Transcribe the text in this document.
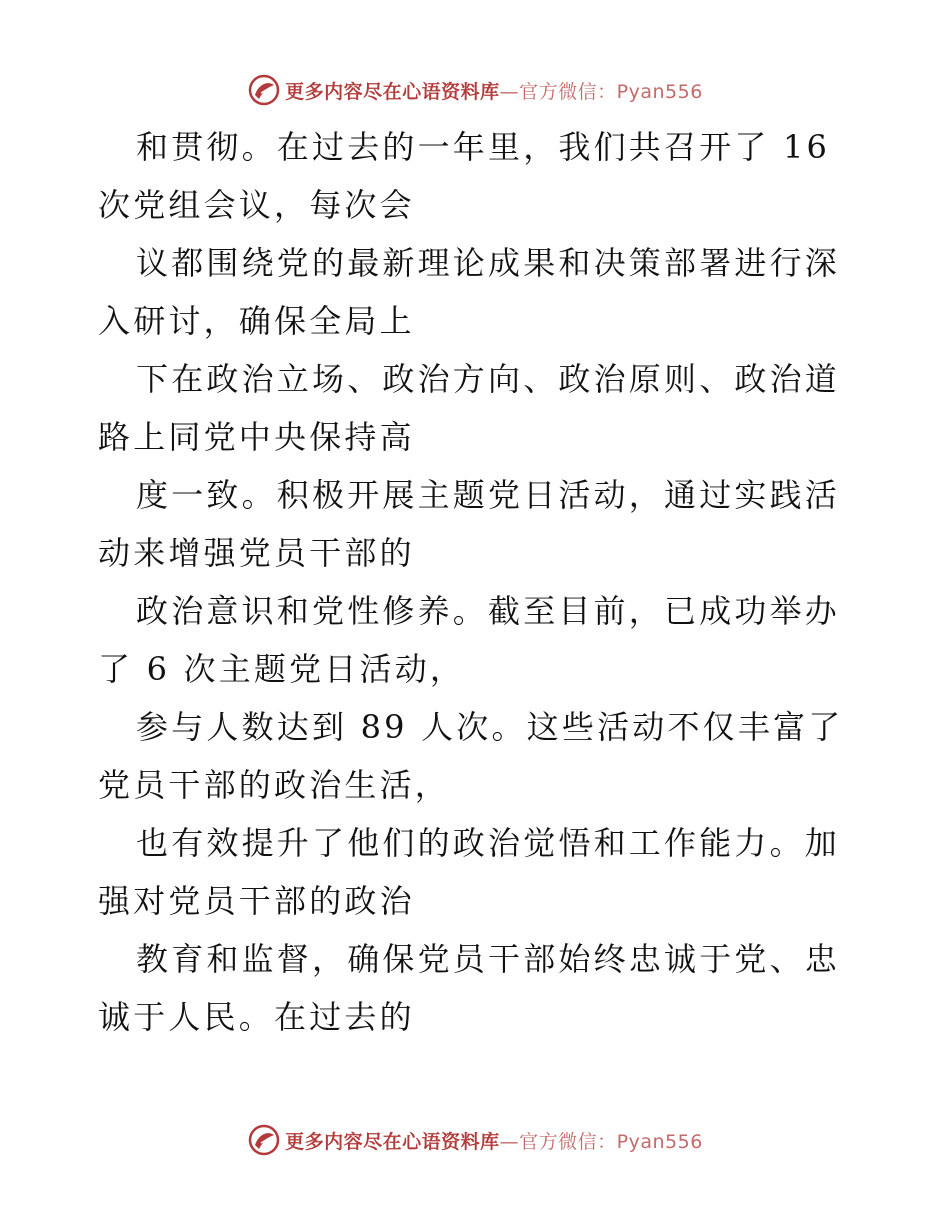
更多内容尽在心语资料库—官方微信：Pyan556

和贯彻。在过去的一年里，我们共召开了 16 次党组会议，每次会

议都围绕党的最新理论成果和决策部署进行深入研讨，确保全局上

下在政治立场、政治方向、政治原则、政治道路上同党中央保持高

度一致。积极开展主题党日活动，通过实践活动来增强党员干部的

政治意识和党性修养。截至目前，已成功举办了 6 次主题党日活动，

参与人数达到 89 人次。这些活动不仅丰富了党员干部的政治生活，

也有效提升了他们的政治觉悟和工作能力。加强对党员干部的政治

教育和监督，确保党员干部始终忠诚于党、忠诚于人民。在过去的

更多内容尽在心语资料库—官方微信：Pyan556
